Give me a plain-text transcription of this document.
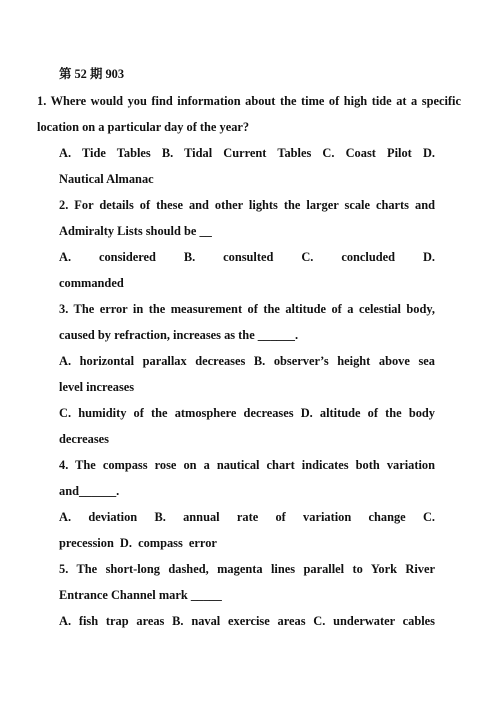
第 52 期 903
1. Where would you find information about the time of high tide at a specific
location on a particular day of the year?
A. Tide Tables B. Tidal Current Tables C. Coast Pilot D.
Nautical Almanac
2. For details of these and other lights the larger scale charts and
Admiralty Lists should be __
A. considered B. consulted C. concluded D.
commanded
3. The error in the measurement of the altitude of a celestial body,
caused by refraction, increases as the ______.
A. horizontal parallax decreases B. observer’s height above sea
level increases
C. humidity of the atmosphere decreases D. altitude of the body
decreases
4. The compass rose on a nautical chart indicates both variation
and______.
A. deviation B. annual rate of variation change C.
precession D. compass error
5. The short-long dashed, magenta lines parallel to York River
Entrance Channel mark _____
A. fish trap areas B. naval exercise areas C. underwater cables
